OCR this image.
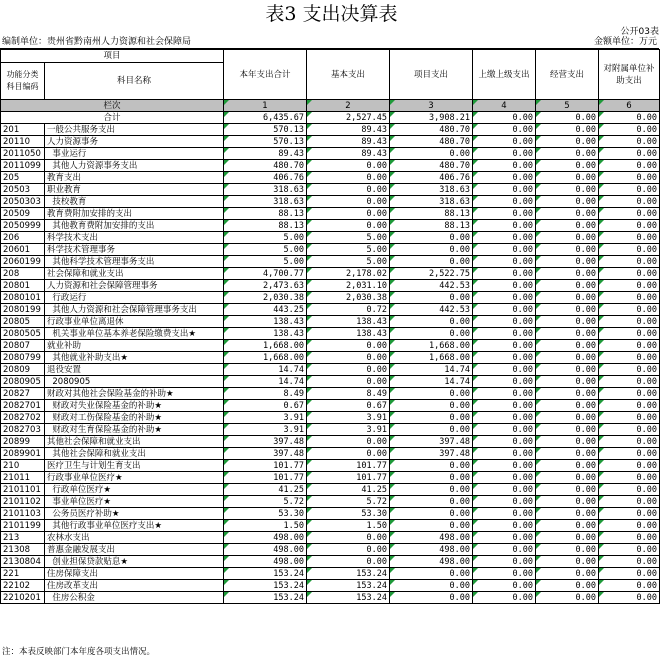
表3 支出决算表
公开03表
编制单位：贵州省黔南州人力资源和社会保障局	金额单位：万元
项目		本年支出合计	基本支出	项目支出	上缴上级支出	经营支出	对附属单位补助支出
功能分类科目编码	科目名称						
栏次		1	2	3	4	5	6
合计		6,435.67	2,527.45	3,908.21	0.00	0.00	0.00
201	一般公共服务支出	570.13	89.43	480.70	0.00	0.00	0.00
20110	人力资源事务	570.13	89.43	480.70	0.00	0.00	0.00
2011050	事业运行	89.43	89.43	0.00	0.00	0.00	0.00
2011099	其他人力资源事务支出	480.70	0.00	480.70	0.00	0.00	0.00
205	教育支出	406.76	0.00	406.76	0.00	0.00	0.00
20503	职业教育	318.63	0.00	318.63	0.00	0.00	0.00
2050303	技校教育	318.63	0.00	318.63	0.00	0.00	0.00
20509	教育费附加安排的支出	88.13	0.00	88.13	0.00	0.00	0.00
2050999	其他教育费附加安排的支出	88.13	0.00	88.13	0.00	0.00	0.00
206	科学技术支出	5.00	5.00	0.00	0.00	0.00	0.00
20601	科学技术管理事务	5.00	5.00	0.00	0.00	0.00	0.00
2060199	其他科学技术管理事务支出	5.00	5.00	0.00	0.00	0.00	0.00
208	社会保障和就业支出	4,700.77	2,178.02	2,522.75	0.00	0.00	0.00
20801	人力资源和社会保障管理事务	2,473.63	2,031.10	442.53	0.00	0.00	0.00
2080101	行政运行	2,030.38	2,030.38	0.00	0.00	0.00	0.00
2080199	其他人力资源和社会保障管理事务支出	443.25	0.72	442.53	0.00	0.00	0.00
20805	行政事业单位离退休	138.43	138.43	0.00	0.00	0.00	0.00
2080505	机关事业单位基本养老保险缴费支出★	138.43	138.43	0.00	0.00	0.00	0.00
20807	就业补助	1,668.00	0.00	1,668.00	0.00	0.00	0.00
2080799	其他就业补助支出★	1,668.00	0.00	1,668.00	0.00	0.00	0.00
20809	退役安置	14.74	0.00	14.74	0.00	0.00	0.00
2080905	2080905	14.74	0.00	14.74	0.00	0.00	0.00
20827	财政对其他社会保险基金的补助★	8.49	8.49	0.00	0.00	0.00	0.00
2082701	财政对失业保险基金的补助★	0.67	0.67	0.00	0.00	0.00	0.00
2082702	财政对工伤保险基金的补助★	3.91	3.91	0.00	0.00	0.00	0.00
2082703	财政对生育保险基金的补助★	3.91	3.91	0.00	0.00	0.00	0.00
20899	其他社会保障和就业支出	397.48	0.00	397.48	0.00	0.00	0.00
2089901	其他社会保障和就业支出	397.48	0.00	397.48	0.00	0.00	0.00
210	医疗卫生与计划生育支出	101.77	101.77	0.00	0.00	0.00	0.00
21011	行政事业单位医疗★	101.77	101.77	0.00	0.00	0.00	0.00
2101101	行政单位医疗★	41.25	41.25	0.00	0.00	0.00	0.00
2101102	事业单位医疗★	5.72	5.72	0.00	0.00	0.00	0.00
2101103	公务员医疗补助★	53.30	53.30	0.00	0.00	0.00	0.00
2101199	其他行政事业单位医疗支出★	1.50	1.50	0.00	0.00	0.00	0.00
213	农林水支出	498.00	0.00	498.00	0.00	0.00	0.00
21308	普惠金融发展支出	498.00	0.00	498.00	0.00	0.00	0.00
2130804	创业担保贷款贴息★	498.00	0.00	498.00	0.00	0.00	0.00
221	住房保障支出	153.24	153.24	0.00	0.00	0.00	0.00
22102	住房改革支出	153.24	153.24	0.00	0.00	0.00	0.00
2210201	住房公积金	153.24	153.24	0.00	0.00	0.00	0.00
注：本表反映部门本年度各项支出情况。
